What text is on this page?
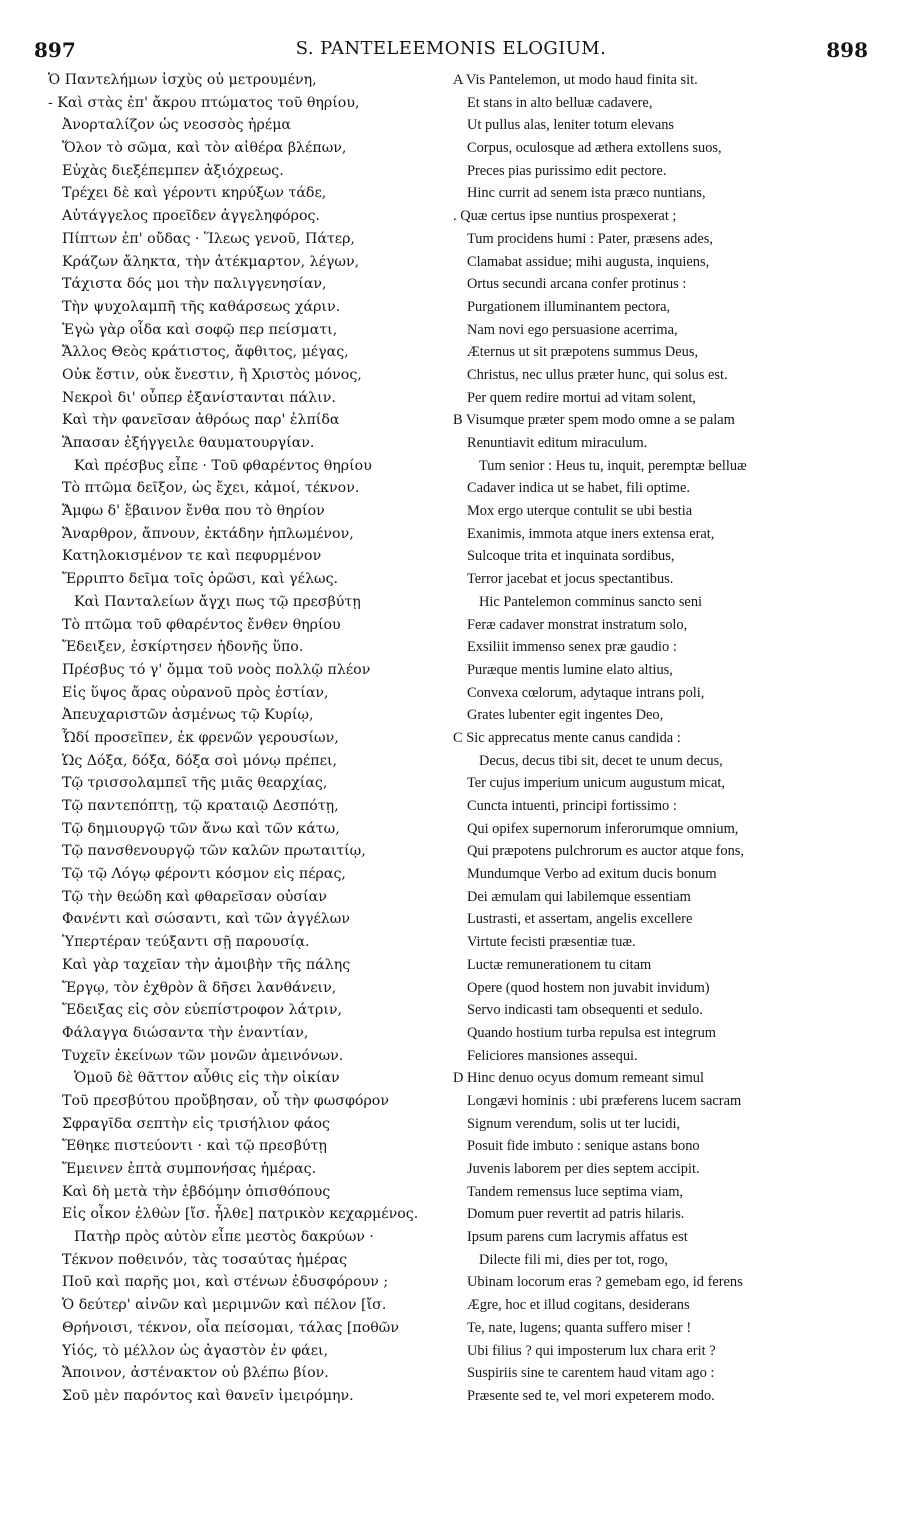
897	S. PANTELEEMONIS ELOGIUM.	898
Ὁ Παντελήμων ἰσχὺς οὐ μετρουμένη,
- Καὶ στὰς ἐπ' ἄκρου πτώματος τοῦ θηρίου,
Ἀνορταλίζον ὡς νεοσσὸς ἠρέμα
Ὅλον τὸ σῶμα, καὶ τὸν αἰθέρα βλέπων,
Εὐχὰς διεξέπεμπεν ἀξιόχρεως.
Τρέχει δὲ καὶ γέροντι κηρύξων τάδε,
Αὐτάγγελος προεῖδεν ἀγγεληφόρος.
Πίπτων ἐπ' οὔδας · Ἵλεως γενοῦ, Πάτερ,
Κράζων ἄληκτα, τὴν ἀτέκμαρτον, λέγων,
Τάχιστα δός μοι τὴν παλιγγενησίαν,
Τὴν ψυχολαμπῆ τῆς καθάρσεως χάριν.
Ἐγὼ γὰρ οἶδα καὶ σοφῷ περ πείσματι,
Ἄλλος Θεὸς κράτιστος, ἄφθιτος, μέγας,
Οὐκ ἔστιν, οὐκ ἔνεστιν, ἢ Χριστὸς μόνος,
Νεκροὶ δι' οὗπερ ἐξανίστανται πάλιν.
Καὶ τὴν φανεῖσαν ἀθρόως παρ' ἐλπίδα
Ἅπασαν ἐξήγγειλε θαυματουργίαν.
Καὶ πρέσβυς εἶπε · Τοῦ φθαρέντος θηρίου
Τὸ πτῶμα δεῖξον, ὡς ἔχει, κἀμοί, τέκνον.
Ἄμφω δ' ἔβαινον ἔνθα που τὸ θηρίον
Ἄναρθρον, ἄπνουν, ἐκτάδην ἡπλωμένον,
Κατηλοκισμένον τε καὶ πεφυρμένον
Ἔρριπτο δεῖμα τοῖς ὁρῶσι, καὶ γέλως.
Καὶ Πανταλείων ἄγχι πως τῷ πρεσβύτῃ
Τὸ πτῶμα τοῦ φθαρέντος ἔνθεν θηρίου
Ἔδειξεν, ἐσκίρτησεν ἡδονῆς ὕπο.
Πρέσβυς τό γ' ὄμμα τοῦ νοὸς πολλῷ πλέον
Εἰς ὕψος ἄρας οὐρανοῦ πρὸς ἑστίαν,
Ἀπευχαριστῶν ἀσμένως τῷ Κυρίῳ,
Ὧδί προσεῖπεν, ἐκ φρενῶν γερουσίων,
Ὡς Δόξα, δόξα, δόξα σοὶ μόνῳ πρέπει,
Τῷ τρισσολαμπεῖ τῆς μιᾶς θεαρχίας,
Τῷ παντεπόπτῃ, τῷ κραταιῷ Δεσπότῃ,
Τῷ δημιουργῷ τῶν ἄνω καὶ τῶν κάτω,
Τῷ πανσθενουργῷ τῶν καλῶν πρωταιτίῳ,
Τῷ τῷ Λόγῳ φέροντι κόσμον εἰς πέρας,
Τῷ τὴν θεώδη καὶ φθαρεῖσαν οὐσίαν
Φανέντι καὶ σώσαντι, καὶ τῶν ἀγγέλων
Ὑπερτέραν τεύξαντι σῇ παρουσίᾳ.
Καὶ γὰρ ταχεῖαν τὴν ἀμοιβὴν τῆς πάλης
Ἔργῳ, τὸν ἐχθρὸν ἃ δῆσει λανθάνειν,
Ἔδειξας εἰς σὸν εὐεπίστροφον λάτριν,
Φάλαγγα διώσαντα τὴν ἐναντίαν,
Τυχεῖν ἐκείνων τῶν μονῶν ἀμεινόνων.
Ὁμοῦ δὲ θᾶττον αὖθις εἰς τὴν οἰκίαν
Τοῦ πρεσβύτου προὔβησαν, οὗ τὴν φωσφόρον
Σφραγῖδα σεπτὴν εἰς τρισήλιον φάος
Ἔθηκε πιστεύοντι · καὶ τῷ πρεσβύτῃ
Ἔμεινεν ἑπτὰ συμπονήσας ἡμέρας.
Καὶ δὴ μετὰ τὴν ἑβδόμην ὀπισθόπους
Εἰς οἶκον ἐλθὼν [ἴσ. ἦλθε] πατρικὸν κεχαρμένος.
Πατὴρ πρὸς αὐτὸν εἶπε μεστὸς δακρύων ·
Τέκνον ποθεινόν, τὰς τοσαύτας ἡμέρας
Ποῦ καὶ παρῆς μοι, καὶ στένων ἐδυσφόρουν ;
Ὁ δεύτερ' αἰνῶν καὶ μεριμνῶν καὶ πέλον [ἴσ.
Θρήνοισι, τέκνον, οἷα πείσομαι, τάλας [ποθῶν
Υἱός, τὸ μέλλον ὡς ἀγαστὸν ἐν φάει,
Ἄποινον, ἀστένακτον οὐ βλέπω βίον.
Σοῦ μὲν παρόντος καὶ θανεῖν ἱμειρόμην.
A Vis Pantelemon, ut modo haud finita sit.
Et stans in alto belluæ cadavere,
Ut pullus alas, leniter totum elevans
Corpus, oculosque ad æthera extollens suos,
Preces pias purissimo edit pectore.
Hinc currit ad senem ista præco nuntians,
. Quæ certus ipse nuntius prospexerat ;
Tum procidens humi : Pater, præsens ades,
Clamabat assidue; mihi augusta, inquiens,
Ortus secundi arcana confer protinus :
Purgationem illuminantem pectora,
Nam novi ego persuasione acerrima,
Æternus ut sit præpotens summus Deus,
Christus, nec ullus præter hunc, qui solus est.
Per quem redire mortui ad vitam solent,
B Visumque præter spem modo omne a se palam
Renuntiavit editum miraculum.
Tum senior : Heus tu, inquit, peremptæ belluæ
Cadaver indica ut se habet, fili optime.
Mox ergo uterque contulit se ubi bestia
Exanimis, immota atque iners extensa erat,
Sulcoque trita et inquinata sordibus,
Terror jacebat et jocus spectantibus.
Hic Pantelemon comminus sancto seni
Feræ cadaver monstrat instratum solo,
Exsiliit immenso senex præ gaudio :
Puræque mentis lumine elato altius,
Convexa cœlorum, adytaque intrans poli,
Grates lubenter egit ingentes Deo,
C Sic apprecatus mente canus candida :
Decus, decus tibi sit, decet te unum decus,
Ter cujus imperium unicum augustum micat,
Cuncta intuenti, principi fortissimo :
Qui opifex supernorum inferorumque omnium,
Qui præpotens pulchrorum es auctor atque fons,
Mundumque Verbo ad exitum ducis bonum
Dei æmulam qui labilemque essentiam
Lustrasti, et assertam, angelis excellere
Virtute fecisti præsentiæ tuæ.
Luctæ remunerationem tu citam
Opere (quod hostem non juvabit invidum)
Servo indicasti tam obsequenti et sedulo.
Quando hostium turba repulsa est integrum
Feliciores mansiones assequi.
D Hinc denuo ocyus domum remeant simul
Longævi hominis : ubi præferens lucem sacram
Signum verendum, solis ut ter lucidi,
Posuit fide imbuto : senique astans bono
Juvenis laborem per dies septem accipit.
Tandem remensus luce septima viam,
Domum puer revertit ad patris hilaris.
Ipsum parens cum lacrymis affatus est
Dilecte fili mi, dies per tot, rogo,
Ubinam locorum eras ? gemebam ego, id ferens
Ægre, hoc et illud cogitans, desiderans
Te, nate, lugens; quanta suffero miser !
Ubi filius ? qui imposterum lux chara erit ?
Suspiriis sine te carentem haud vitam ago :
Præsente sed te, vel mori expeterem modo.
